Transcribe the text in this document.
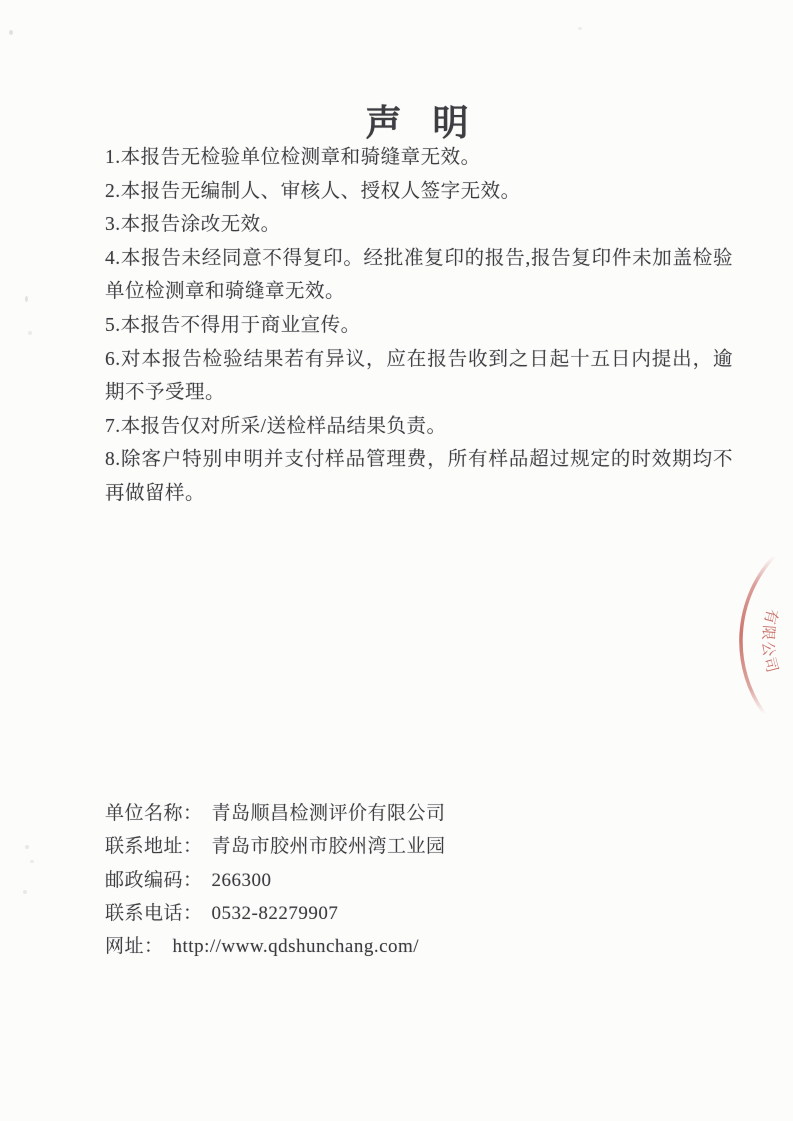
声 明

1.本报告无检验单位检测章和骑缝章无效。

2.本报告无编制人、审核人、授权人签字无效。

3.本报告涂改无效。

4.本报告未经同意不得复印。经批准复印的报告,报告复印件未加盖检验单位检测章和骑缝章无效。

5.本报告不得用于商业宣传。

6.对本报告检验结果若有异议，应在报告收到之日起十五日内提出，逾期不予受理。

7.本报告仅对所采/送检样品结果负责。

8.除客户特别申明并支付样品管理费，所有样品超过规定的时效期均不再做留样。

单位名称： 青岛顺昌检测评价有限公司
联系地址： 青岛市胶州市胶州湾工业园
邮政编码： 266300
联系电话： 0532-82279907
网址： http://www.qdshunchang.com/
有限公司
